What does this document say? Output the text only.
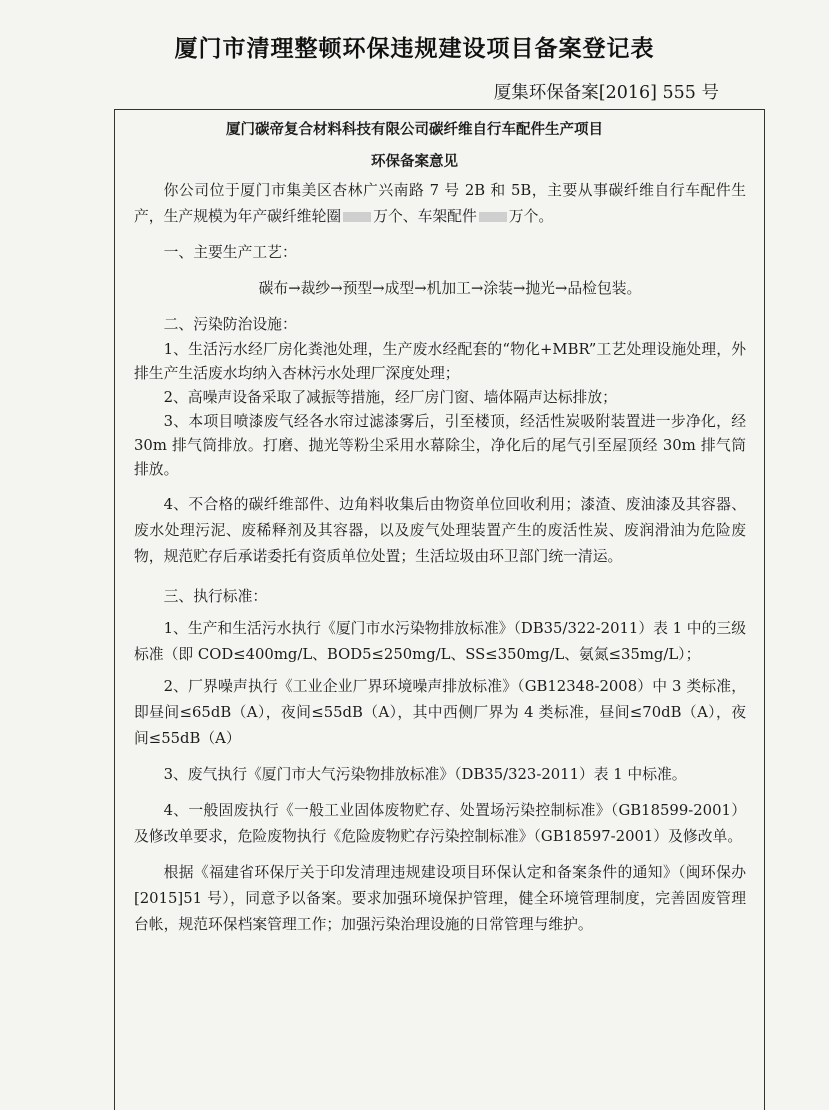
厦门市清理整顿环保违规建设项目备案登记表
厦集环保备案[2016] 555 号
厦门碳帝复合材料科技有限公司碳纤维自行车配件生产项目
环保备案意见

你公司位于厦门市集美区杏林广兴南路 7 号 2B 和 5B，主要从事碳纤维自行车配件生产，生产规模为年产碳纤维轮圈 万个、车架配件 万个。

一、主要生产工艺：

碳布→裁纱→预型→成型→机加工→涂装→抛光→品检包装。

二、污染防治设施：

1、生活污水经厂房化粪池处理，生产废水经配套的“物化+MBR”工艺处理设施处理，外排生产生活废水均纳入杏林污水处理厂深度处理；

2、高噪声设备采取了减振等措施，经厂房门窗、墙体隔声达标排放；

3、本项目喷漆废气经各水帘过滤漆雾后，引至楼顶，经活性炭吸附装置进一步净化，经 30m 排气筒排放。打磨、抛光等粉尘采用水幕除尘，净化后的尾气引至屋顶经 30m 排气筒排放。

4、不合格的碳纤维部件、边角料收集后由物资单位回收利用；漆渣、废油漆及其容器、废水处理污泥、废稀释剂及其容器，以及废气处理装置产生的废活性炭、废润滑油为危险废物，规范贮存后承诺委托有资质单位处置；生活垃圾由环卫部门统一清运。

三、执行标准：

1、生产和生活污水执行《厦门市水污染物排放标准》（DB35/322-2011）表 1 中的三级标准（即 COD≤400mg/L、BOD5≤250mg/L、SS≤350mg/L、氨氮≤35mg/L）；

2、厂界噪声执行《工业企业厂界环境噪声排放标准》（GB12348-2008）中 3 类标准，即昼间≤65dB（A），夜间≤55dB（A），其中西侧厂界为 4 类标准，昼间≤70dB（A），夜间≤55dB（A）

3、废气执行《厦门市大气污染物排放标准》（DB35/323-2011）表 1 中标准。

4、一般固废执行《一般工业固体废物贮存、处置场污染控制标准》（GB18599-2001）及修改单要求，危险废物执行《危险废物贮存污染控制标准》（GB18597-2001）及修改单。

根据《福建省环保厅关于印发清理违规建设项目环保认定和备案条件的通知》（闽环保办[2015]51 号），同意予以备案。要求加强环境保护管理，健全环境管理制度，完善固废管理台帐，规范环保档案管理工作；加强污染治理设施的日常管理与维护。
